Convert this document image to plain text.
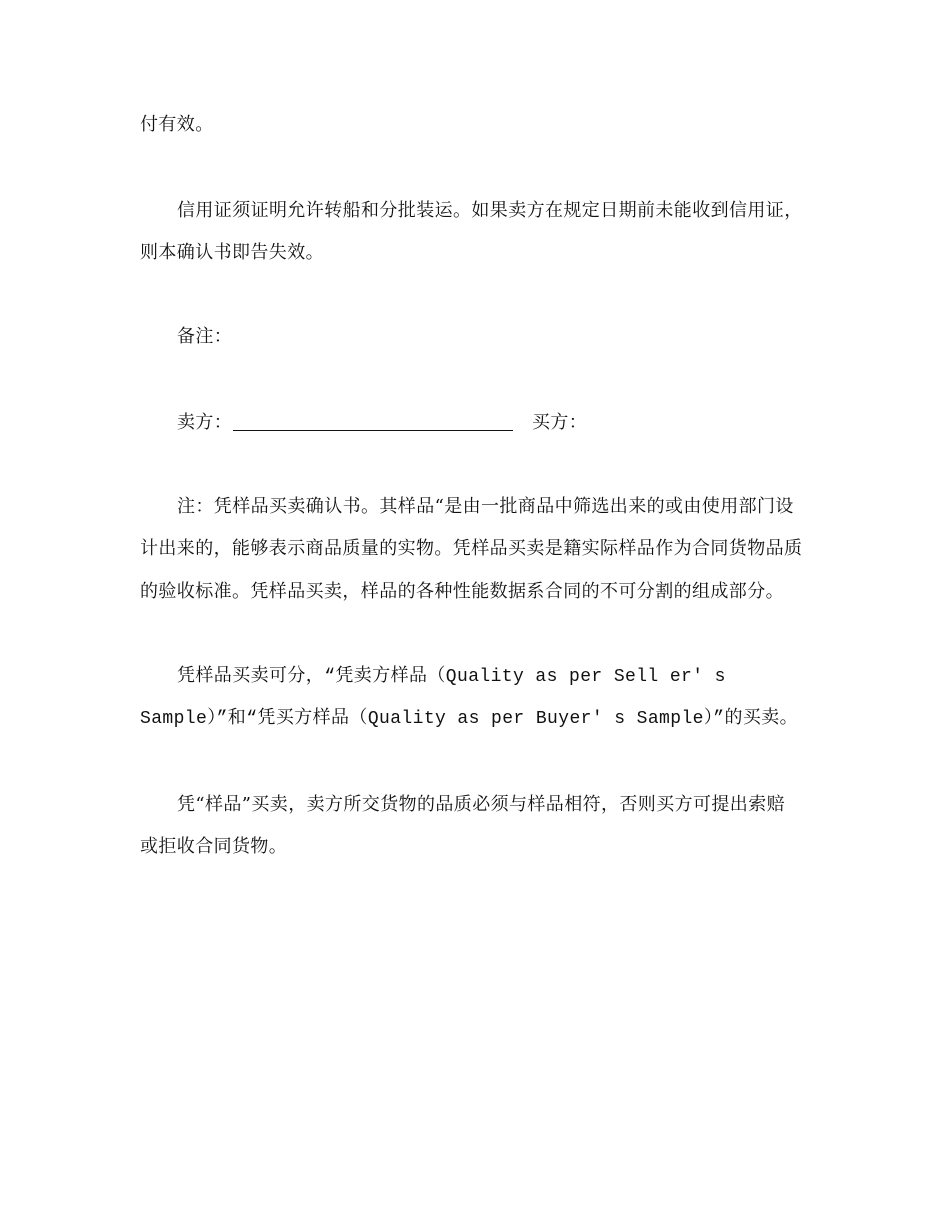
付有效。
信用证须证明允许转船和分批装运。如果卖方在规定日期前未能收到信用证，
则本确认书即告失效。
备注：
卖方：	买方：
注：凭样品买卖确认书。其样品“是由一批商品中筛选出来的或由使用部门设
计出来的，能够表示商品质量的实物。凭样品买卖是籍实际样品作为合同货物品质
的验收标准。凭样品买卖，样品的各种性能数据系合同的不可分割的组成部分。
凭样品买卖可分，“凭卖方样品（Quality as per Sell er′ s
Sample）”和“凭买方样品（Quality as per Buyer′ s Sample）”的买卖。
凭“样品”买卖，卖方所交货物的品质必须与样品相符，否则买方可提出索赔
或拒收合同货物。
